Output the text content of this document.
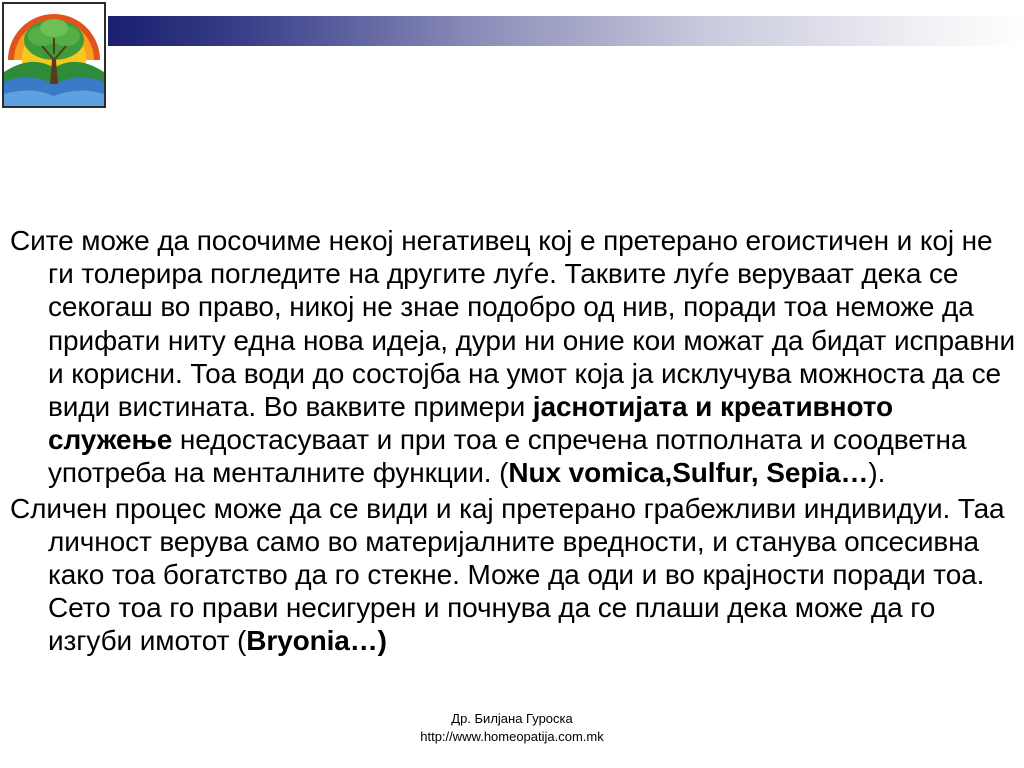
Сите може да посочиме некој негативец кој е претерано егоистичен и кој не ги толерира погледите на другите луѓе. Таквите луѓе веруваат дека се секогаш во право, никој не знае подобро од нив, поради тоа неможе да прифати ниту една нова идеја, дури ни оние кои можат да бидат исправни и корисни. Тоа води до состојба на умот која ја исклучува можноста да се види вистината. Во ваквите примери јаснотијата и креативното служење недостасуваат и при тоа е спречена потполната и соодветна употреба на менталните функции. (Nux vomica,Sulfur, Sepia…).

Сличен процес може да се види и кај претерано грабежливи индивидуи. Таа личност верува само во материјалните вредности, и станува опсесивна како тоа богатство да го стекне. Може да оди и во крајности поради тоа. Сето тоа го прави несигурен и почнува да се плаши дека може да го изгуби имотот (Bryonia…)

Др. Билјана Гуроска
http://www.homeopatija.com.mk
